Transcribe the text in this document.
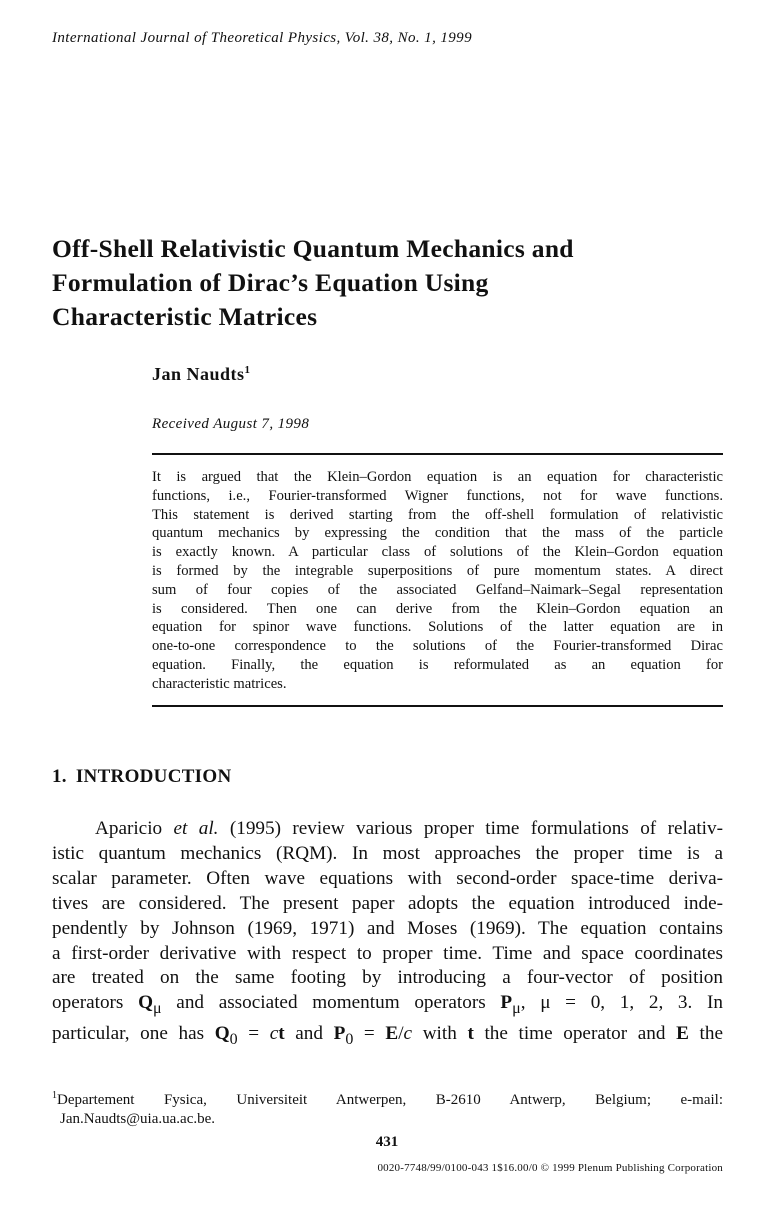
International Journal of Theoretical Physics, Vol. 38, No. 1, 1999
Off-Shell Relativistic Quantum Mechanics and
Formulation of Dirac’s Equation Using
Characteristic Matrices
Jan Naudts$^1$
Received August 7, 1998
It is argued that the Klein–Gordon equation is an equation for characteristic
functions, i.e., Fourier-transformed Wigner functions, not for wave functions.
This statement is derived starting from the off-shell formulation of relativistic
quantum mechanics by expressing the condition that the mass of the particle
is exactly known. A particular class of solutions of the Klein–Gordon equation
is formed by the integrable superpositions of pure momentum states. A direct
sum of four copies of the associated Gelfand–Naimark–Segal representation
is considered. Then one can derive from the Klein–Gordon equation an
equation for spinor wave functions. Solutions of the latter equation are in
one-to-one correspondence to the solutions of the Fourier-transformed Dirac
equation. Finally, the equation is reformulated as an equation for
characteristic matrices.
1. INTRODUCTION
Aparicio et al. (1995) review various proper time formulations of relativ-
istic quantum mechanics (RQM). In most approaches the proper time is a
scalar parameter. Often wave equations with second-order space-time deriva-
tives are considered. The present paper adopts the equation introduced inde-
pendently by Johnson (1969, 1971) and Moses (1969). The equation contains
a first-order derivative with respect to proper time. Time and space coordinates
are treated on the same footing by introducing a four-vector of position
operators $Q_\mu$ and associated momentum operators $P_\mu$, μ = 0, 1, 2, 3. In
particular, one has $Q_0$ = ct and $P_0 = E/c$ with t the time operator and E the
$^1$Departement Fysica, Universiteit Antwerpen, B-2610 Antwerp, Belgium; e-mail:
Jan.Naudts@uia.ua.ac.be.
431
0020-7748/99/0100-043 1$16.00/0 © 1999 Plenum Publishing Corporation
